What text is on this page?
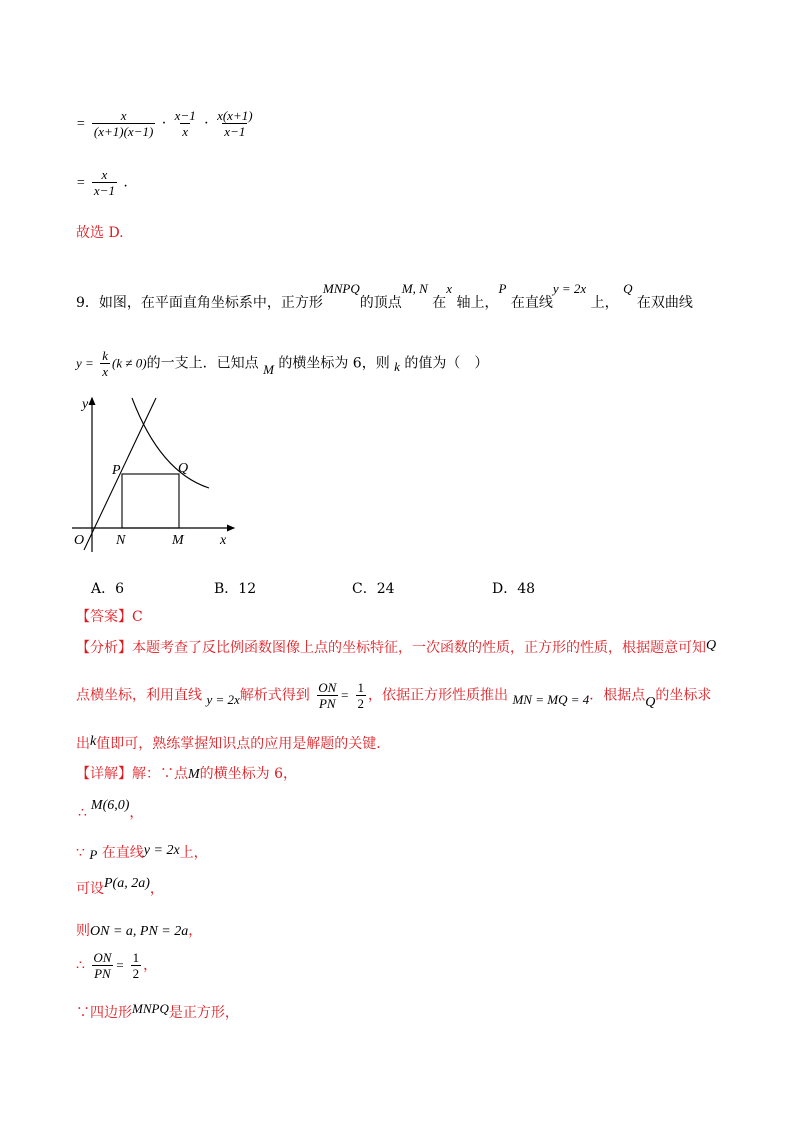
= $\frac{x}{(x+1)(x-1)} \cdot \frac{x-1}{x} \cdot \frac{x(x+1)}{x-1}$
= $\frac{x}{x-1}$ .
故选 D.
9．如图，在平面直角坐标系中，正方形MNPQ的顶点M, N 在x 轴上，P 在直线y = 2x 上， Q 在双曲线
$y = \frac{k}{x} (k \ne 0)$的一支上．已知点 M 的横坐标为 6，则 k 的值为（　）
y
x
O N	M
P	Q
A．6	B．12	C．24	D．48
【答案】C
【分析】本题考查了反比例函数图像上点的坐标特征，一次函数的性质，正方形的性质，根据题意可知Q
点横坐标，利用直线 y = 2x解析式得到 $\frac{ON}{PN} = \frac{1}{2}$ ，依据正方形性质推出 MN = MQ = 4．根据点Q的坐标求
出k值即可，熟练掌握知识点的应用是解题的关键.
【详解】解：∵点M的横坐标为 6，
∴ M(6,0)，
∵ P 在直线y = 2x上，
可设P(a, 2a)，
则ON = a, PN = 2a，
∴ $\frac{ON}{PN} = \frac{1}{2}$ ，
∵四边形MNPQ是正方形，
